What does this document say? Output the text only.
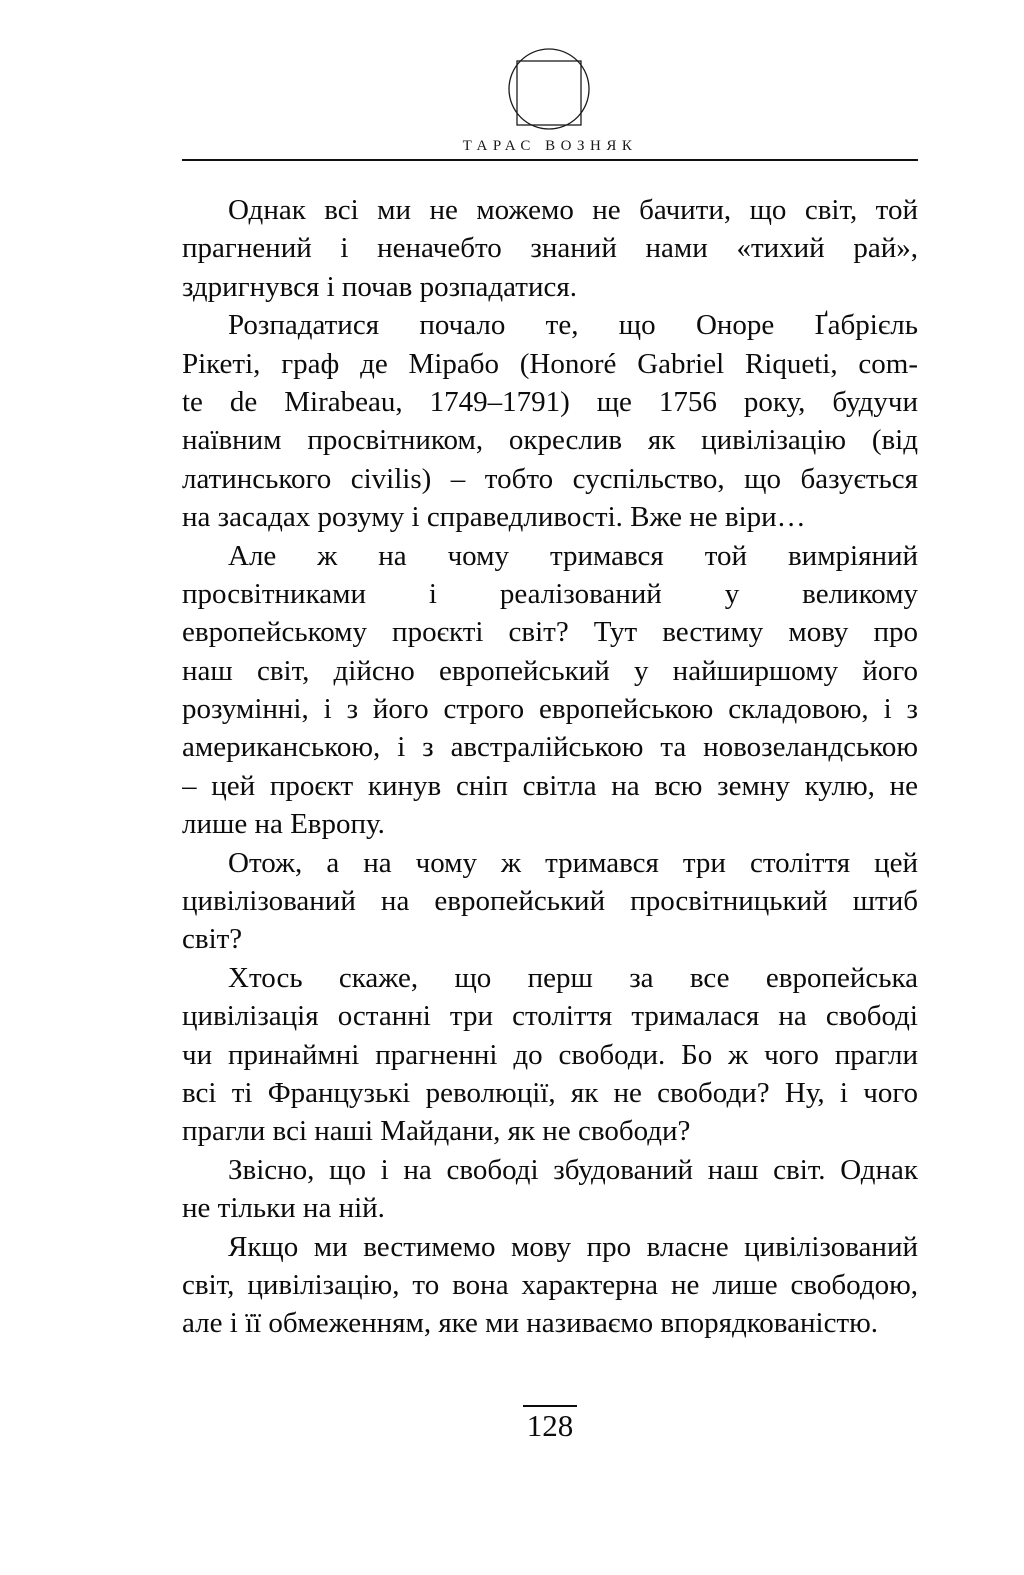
ТАРАС ВОЗНЯК
Однак всі ми не можемо не бачити, що світ, той
прагнений і неначебто знаний нами «тихий рай»,
здригнувся і почав розпадатися.
Розпадатися почало те, що Оноре Ґабрієль
Рікеті, граф де Мірабо (Honoré Gabriel Riqueti, com-
te de Mirabeau, 1749–1791) ще 1756 року, будучи
наївним просвітником, окреслив як цивілізацію (від
латинського civilis) – тобто суспільство, що базується
на засадах розуму і справедливості. Вже не віри…
Але ж на чому тримався той вимріяний
просвітниками і реалізований у великому
европейському проєкті світ? Тут вестиму мову про
наш світ, дійсно европейський у найширшому його
розумінні, і з його строго европейською складовою, і з
американською, і з австралійською та новозеландською
– цей проєкт кинув сніп світла на всю земну кулю, не
лише на Европу.
Отож, а на чому ж тримався три століття цей
цивілізований на европейський просвітницький штиб
світ?
Хтось скаже, що перш за все европейська
цивілізація останні три століття трималася на свободі
чи принаймні прагненні до свободи. Бо ж чого прагли
всі ті Французькі революції, як не свободи? Ну, і чого
прагли всі наші Майдани, як не свободи?
Звісно, що і на свободі збудований наш світ. Однак
не тільки на ній.
Якщо ми вестимемо мову про власне цивілізований
світ, цивілізацію, то вона характерна не лише свободою,
але і її обмеженням, яке ми називаємо впорядкованістю.
128
